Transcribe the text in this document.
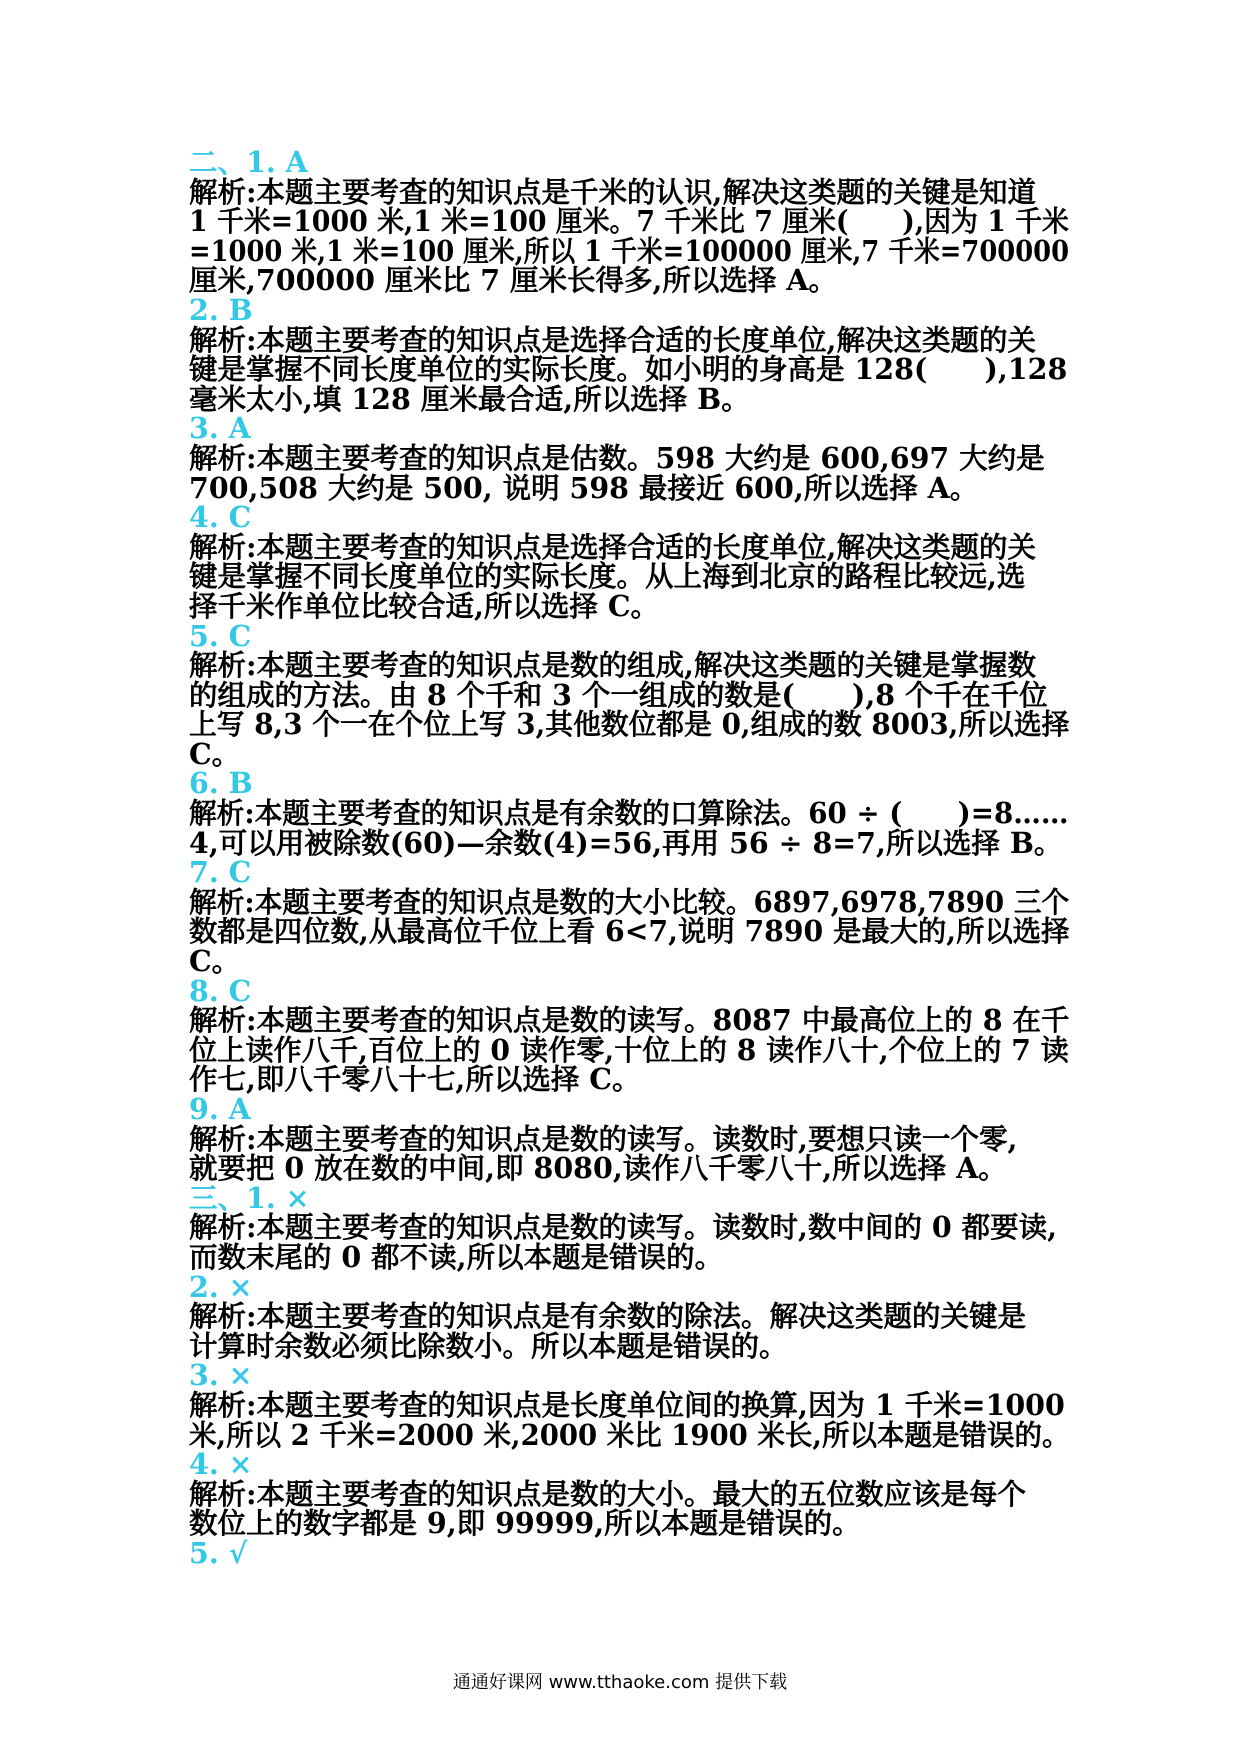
二、1. A
解析:本题主要考查的知识点是千米的认识,解决这类题的关键是知道
1 千米=1000 米,1 米=100 厘米。7 千米比 7 厘米(　　),因为 1 千米
=1000 米,1 米=100 厘米,所以 1 千米=100000 厘米,7 千米=700000
厘米,700000 厘米比 7 厘米长得多,所以选择 A。
2. B
解析:本题主要考查的知识点是选择合适的长度单位,解决这类题的关
键是掌握不同长度单位的实际长度。如小明的身高是 128(　　),128
毫米太小,填 128 厘米最合适,所以选择 B。
3. A
解析:本题主要考查的知识点是估数。598 大约是 600,697 大约是
700,508 大约是 500, 说明 598 最接近 600,所以选择 A。
4. C
解析:本题主要考查的知识点是选择合适的长度单位,解决这类题的关
键是掌握不同长度单位的实际长度。从上海到北京的路程比较远,选
择千米作单位比较合适,所以选择 C。
5. C
解析:本题主要考查的知识点是数的组成,解决这类题的关键是掌握数
的组成的方法。由 8 个千和 3 个一组成的数是(　　),8 个千在千位
上写 8,3 个一在个位上写 3,其他数位都是 0,组成的数 8003,所以选择
C。
6. B
解析:本题主要考查的知识点是有余数的口算除法。60 ÷ (　　)=8……
4,可以用被除数(60)—余数(4)=56,再用 56 ÷ 8=7,所以选择 B。
7. C
解析:本题主要考查的知识点是数的大小比较。6897,6978,7890 三个
数都是四位数,从最高位千位上看 6<7,说明 7890 是最大的,所以选择
C。
8. C
解析:本题主要考查的知识点是数的读写。8087 中最高位上的 8 在千
位上读作八千,百位上的 0 读作零,十位上的 8 读作八十,个位上的 7 读
作七,即八千零八十七,所以选择 C。
9. A
解析:本题主要考查的知识点是数的读写。读数时,要想只读一个零,
就要把 0 放在数的中间,即 8080,读作八千零八十,所以选择 A。
三、1. ×
解析:本题主要考查的知识点是数的读写。读数时,数中间的 0 都要读,
而数末尾的 0 都不读,所以本题是错误的。
2. ×
解析:本题主要考查的知识点是有余数的除法。解决这类题的关键是
计算时余数必须比除数小。所以本题是错误的。
3. ×
解析:本题主要考查的知识点是长度单位间的换算,因为 1 千米=1000
米,所以 2 千米=2000 米,2000 米比 1900 米长,所以本题是错误的。
4. ×
解析:本题主要考查的知识点是数的大小。最大的五位数应该是每个
数位上的数字都是 9,即 99999,所以本题是错误的。
5. √
通通好课网 www.tthaoke.com 提供下载
